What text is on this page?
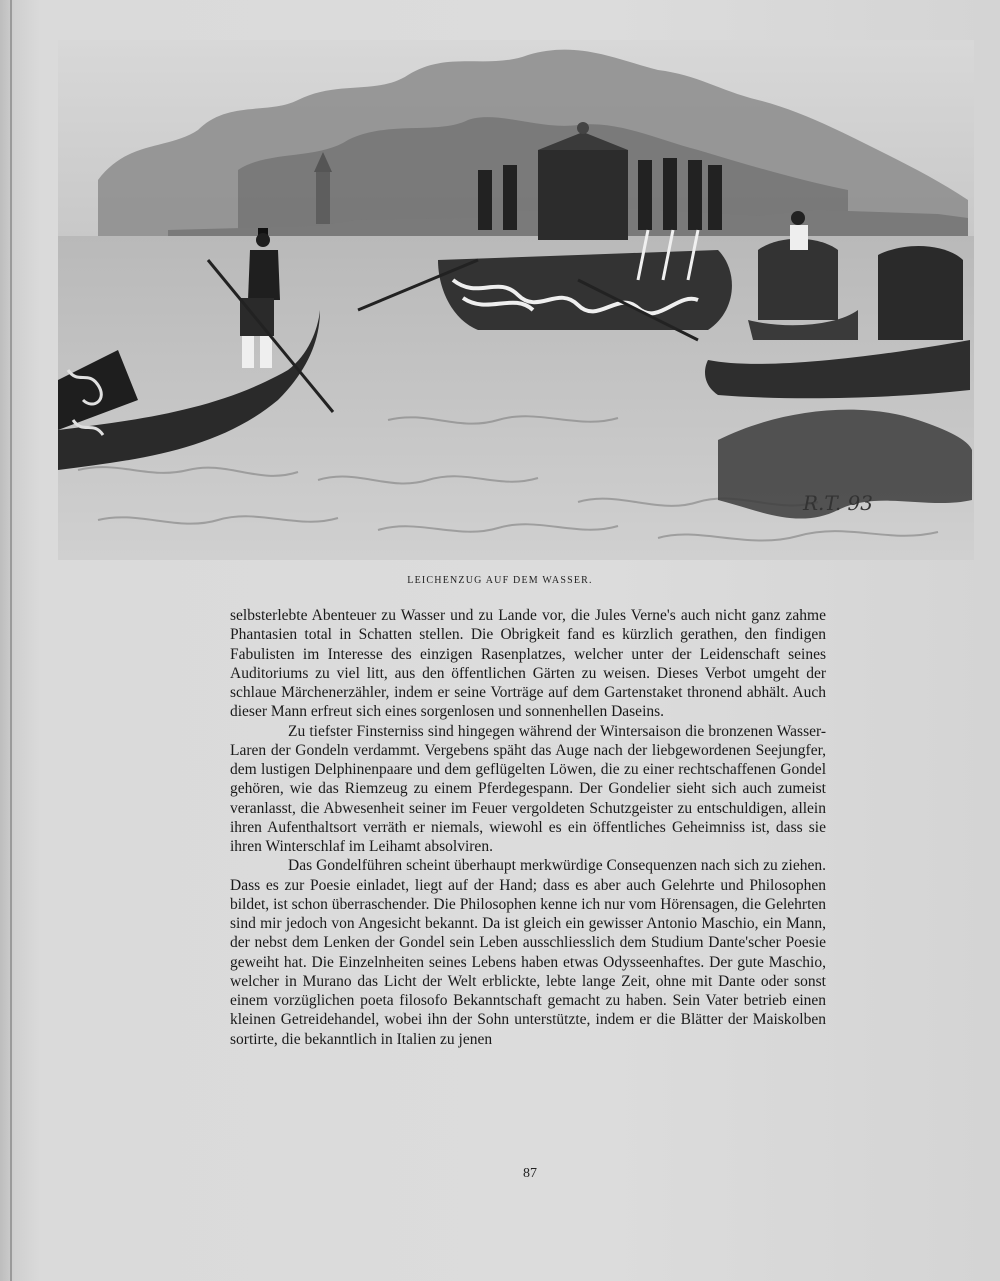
R.T. 93
LEICHENZUG AUF DEM WASSER.

selbsterlebte Abenteuer zu Wasser und zu Lande vor, die Jules Verne's auch nicht ganz zahme Phantasien total in Schatten stellen. Die Obrigkeit fand es kürzlich gerathen, den findigen Fabulisten im Interesse des einzigen Rasenplatzes, welcher unter der Leidenschaft seines Auditoriums zu viel litt, aus den öffentlichen Gärten zu weisen. Dieses Verbot umgeht der schlaue Märchenerzähler, indem er seine Vorträge auf dem Gartenstaket thronend abhält. Auch dieser Mann erfreut sich eines sorgenlosen und sonnenhellen Daseins.

Zu tiefster Finsterniss sind hingegen während der Wintersaison die bronzenen Wasser-Laren der Gondeln verdammt. Vergebens späht das Auge nach der liebgewordenen Seejungfer, dem lustigen Delphinenpaare und dem geflügelten Löwen, die zu einer rechtschaffenen Gondel gehören, wie das Riemzeug zu einem Pferdegespann. Der Gondelier sieht sich auch zumeist veranlasst, die Abwesenheit seiner im Feuer vergoldeten Schutzgeister zu entschuldigen, allein ihren Aufenthaltsort verräth er niemals, wiewohl es ein öffentliches Geheimniss ist, dass sie ihren Winterschlaf im Leihamt absolviren.

Das Gondelführen scheint überhaupt merkwürdige Consequenzen nach sich zu ziehen. Dass es zur Poesie einladet, liegt auf der Hand; dass es aber auch Gelehrte und Philosophen bildet, ist schon überraschender. Die Philosophen kenne ich nur vom Hörensagen, die Gelehrten sind mir jedoch von Angesicht bekannt. Da ist gleich ein gewisser Antonio Maschio, ein Mann, der nebst dem Lenken der Gondel sein Leben ausschliesslich dem Studium Dante'scher Poesie geweiht hat. Die Einzelnheiten seines Lebens haben etwas Odysseenhaftes. Der gute Maschio, welcher in Murano das Licht der Welt erblickte, lebte lange Zeit, ohne mit Dante oder sonst einem vorzüglichen poeta filosofo Bekanntschaft gemacht zu haben. Sein Vater betrieb einen kleinen Getreidehandel, wobei ihn der Sohn unterstützte, indem er die Blätter der Maiskolben sortirte, die bekanntlich in Italien zu jenen

87
